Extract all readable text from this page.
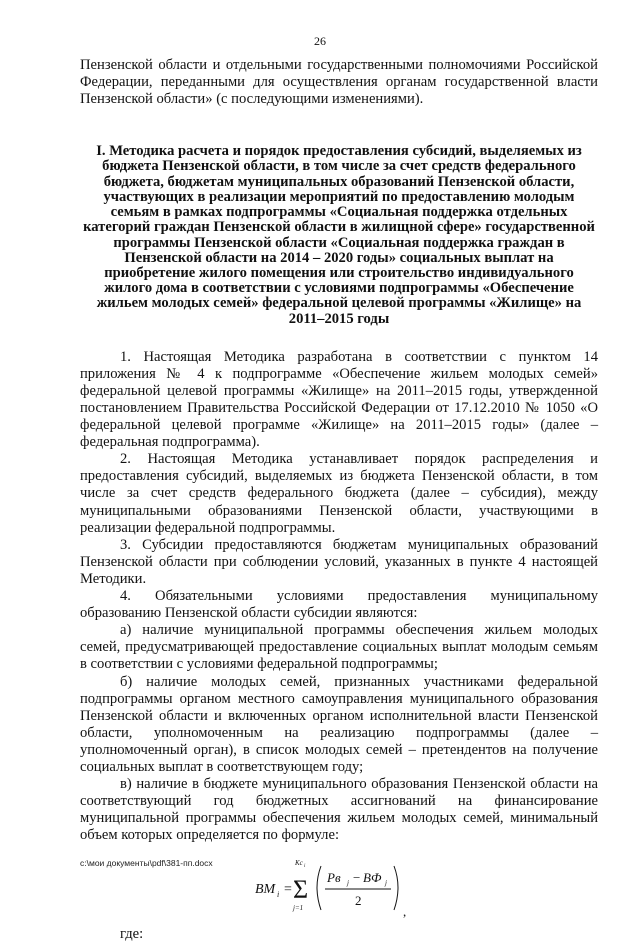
26

Пензенской области и отдельными государственными полномочиями Российской Федерации, переданными для осуществления органам государственной власти Пензенской области» (с последующими изменениями).

I. Методика расчета и порядок предоставления субсидий, выделяемых из бюджета Пензенской области, в том числе за счет средств федерального бюджета, бюджетам муниципальных образований Пензенской области, участвующих в реализации мероприятий по предоставлению молодым семьям в рамках подпрограммы «Социальная поддержка отдельных категорий граждан Пензенской области в жилищной сфере» государственной программы Пензенской области «Социальная поддержка граждан в Пензенской области на 2014 – 2020 годы» социальных выплат на приобретение жилого помещения или строительство индивидуального жилого дома в соответствии с условиями подпрограммы «Обеспечение жильем молодых семей» федеральной целевой программы «Жилище» на 2011–2015 годы

1. Настоящая Методика разработана в соответствии с пунктом 14 приложения № 4 к подпрограмме «Обеспечение жильем молодых семей» федеральной целевой программы «Жилище» на 2011–2015 годы, утвержденной постановлением Правительства Российской Федерации от 17.12.2010 № 1050 «О федеральной целевой программе «Жилище» на 2011–2015 годы» (далее – федеральная подпрограмма).

2. Настоящая Методика устанавливает порядок распределения и предоставления субсидий, выделяемых из бюджета Пензенской области, в том числе за счет средств федерального бюджета (далее – субсидия), между муниципальными образованиями Пензенской области, участвующими в реализации федеральной подпрограммы.

3. Субсидии предоставляются бюджетам муниципальных образований Пензенской области при соблюдении условий, указанных в пункте 4 настоящей Методики.

4. Обязательными условиями предоставления муниципальному образованию Пензенской области субсидии являются:

а) наличие муниципальной программы обеспечения жильем молодых семей, предусматривающей предоставление социальных выплат молодым семьям в соответствии с условиями федеральной подпрограммы;

б) наличие молодых семей, признанных участниками федеральной подпрограммы органом местного самоуправления муниципального образования Пензенской области и включенных органом исполнительной власти Пензенской области, уполномоченным на реализацию подпрограммы (далее – уполномоченный орган), в список молодых семей – претендентов на получение социальных выплат в соответствующем году;

в) наличие в бюджете муниципального образования Пензенской области на соответствующий год бюджетных ассигнований на финансирование муниципальной программы обеспечения жильем молодых семей, минимальный объем которых определяется по формуле:

BM i =
Kc i
Σ
j=1
Pв j − BФ j
2
,

где:

c:\мои документы\pdf\381-пп.docx
